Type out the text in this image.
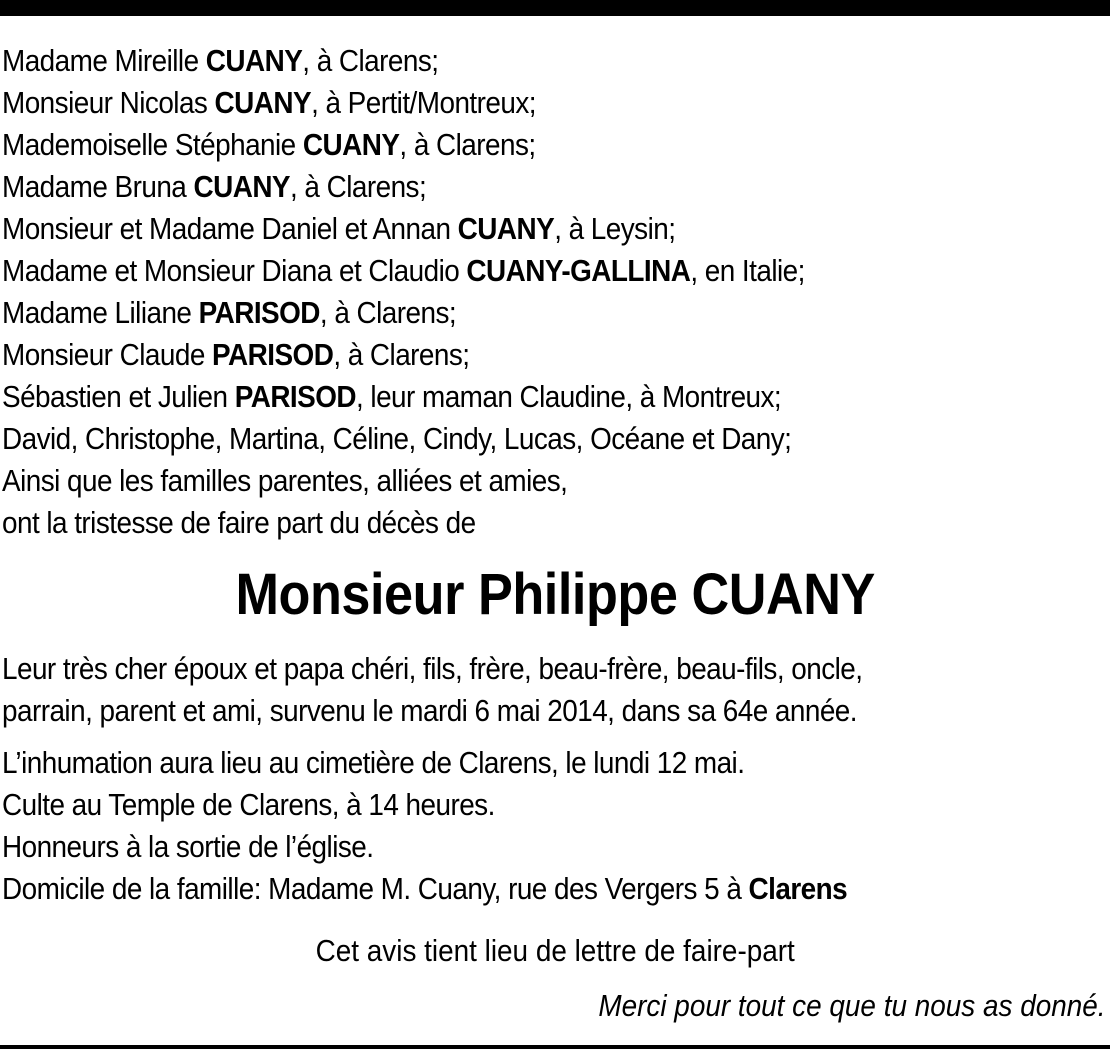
Madame Mireille CUANY, à Clarens;
Monsieur Nicolas CUANY, à Pertit/Montreux;
Mademoiselle Stéphanie CUANY, à Clarens;
Madame Bruna CUANY, à Clarens;
Monsieur et Madame Daniel et Annan CUANY, à Leysin;
Madame et Monsieur Diana et Claudio CUANY-GALLINA, en Italie;
Madame Liliane PARISOD, à Clarens;
Monsieur Claude PARISOD, à Clarens;
Sébastien et Julien PARISOD, leur maman Claudine, à Montreux;
David, Christophe, Martina, Céline, Cindy, Lucas, Océane et Dany;
Ainsi que les familles parentes, alliées et amies,
ont la tristesse de faire part du décès de
Monsieur Philippe CUANY
Leur très cher époux et papa chéri, fils, frère, beau-frère, beau-fils, oncle,
parrain, parent et ami, survenu le mardi 6 mai 2014, dans sa 64e année.
L’inhumation aura lieu au cimetière de Clarens, le lundi 12 mai.
Culte au Temple de Clarens, à 14 heures.
Honneurs à la sortie de l’église.
Domicile de la famille: Madame M. Cuany, rue des Vergers 5 à Clarens
Cet avis tient lieu de lettre de faire-part
Merci pour tout ce que tu nous as donné.
